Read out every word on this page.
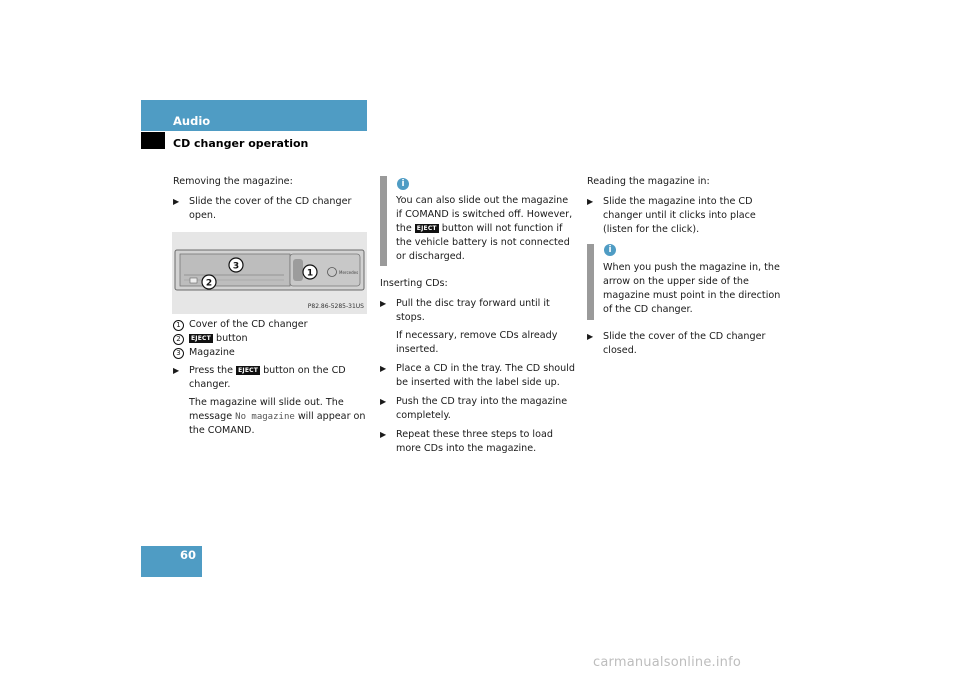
Audio
CD changer operation
Removing the magazine:
▶ Slide the cover of the CD changer open.
Mercedes
3
2
1
P82.86-5285-31US
1 Cover of the CD changer
2 EJECT button
3 Magazine
▶ Press the EJECT button on the CD changer.
The magazine will slide out. The message No magazine will appear on the COMAND.
i
You can also slide out the magazine if COMAND is switched off. However, the EJECT button will not function if the vehicle battery is not connected or discharged.
Inserting CDs:
▶ Pull the disc tray forward until it stops.
If necessary, remove CDs already inserted.
▶ Place a CD in the tray. The CD should be inserted with the label side up.
▶ Push the CD tray into the magazine completely.
▶ Repeat these three steps to load more CDs into the magazine.
Reading the magazine in:
▶ Slide the magazine into the CD changer until it clicks into place (listen for the click).
i
When you push the magazine in, the arrow on the upper side of the magazine must point in the direction of the CD changer.
▶ Slide the cover of the CD changer closed.
60
carmanualsonline.info
